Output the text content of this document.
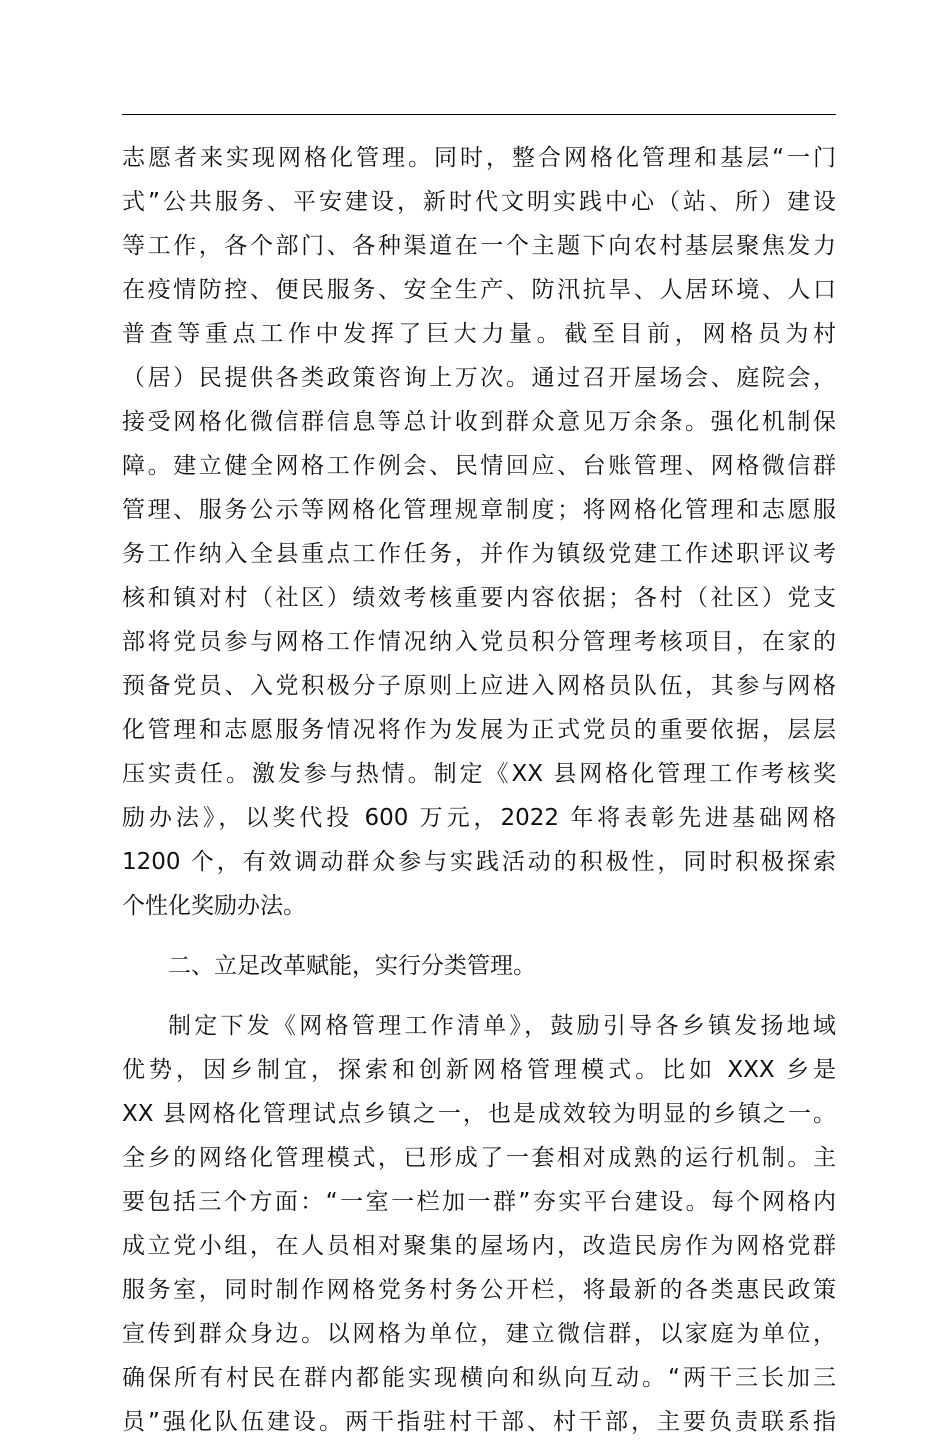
志愿者来实现网格化管理。同时，整合网格化管理和基层“一门
式”公共服务、平安建设，新时代文明实践中心（站、所）建设
等工作，各个部门、各种渠道在一个主题下向农村基层聚焦发力
在疫情防控、便民服务、安全生产、防汛抗旱、人居环境、人口
普查等重点工作中发挥了巨大力量。截至目前，网格员为村
（居）民提供各类政策咨询上万次。通过召开屋场会、庭院会，
接受网格化微信群信息等总计收到群众意见万余条。强化机制保
障。建立健全网格工作例会、民情回应、台账管理、网格微信群
管理、服务公示等网格化管理规章制度；将网格化管理和志愿服
务工作纳入全县重点工作任务，并作为镇级党建工作述职评议考
核和镇对村（社区）绩效考核重要内容依据；各村（社区）党支
部将党员参与网格工作情况纳入党员积分管理考核项目，在家的
预备党员、入党积极分子原则上应进入网格员队伍，其参与网格
化管理和志愿服务情况将作为发展为正式党员的重要依据，层层
压实责任。激发参与热情。制定《XX 县网格化管理工作考核奖
励办法》，以奖代投 600 万元，2022 年将表彰先进基础网格
1200 个，有效调动群众参与实践活动的积极性，同时积极探索
个性化奖励办法。
二、立足改革赋能，实行分类管理。
制定下发《网格管理工作清单》，鼓励引导各乡镇发扬地域
优势，因乡制宜，探索和创新网格管理模式。比如 XXX 乡是
XX 县网格化管理试点乡镇之一，也是成效较为明显的乡镇之一。
全乡的网络化管理模式，已形成了一套相对成熟的运行机制。主
要包括三个方面：“一室一栏加一群”夯实平台建设。每个网格内
成立党小组，在人员相对聚集的屋场内，改造民房作为网格党群
服务室，同时制作网格党务村务公开栏，将最新的各类惠民政策
宣传到群众身边。以网格为单位，建立微信群，以家庭为单位，
确保所有村民在群内都能实现横向和纵向互动。“两干三长加三
员”强化队伍建设。两干指驻村干部、村干部，主要负责联系指
